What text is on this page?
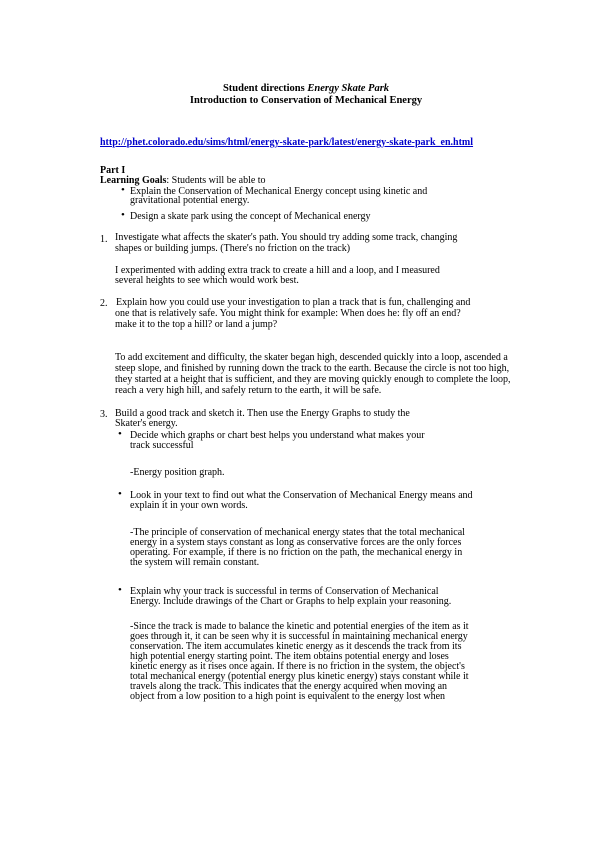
Student directions Energy Skate Park
Introduction to Conservation of Mechanical Energy
http://phet.colorado.edu/sims/html/energy-skate-park/latest/energy-skate-park_en.html
Part I
Learning Goals: Students will be able to
• Explain the Conservation of Mechanical Energy concept using kinetic and
gravitational potential energy.
• Design a skate park using the concept of Mechanical energy
1. Investigate what affects the skater's path. You should try adding some track, changing
shapes or building jumps. (There's no friction on the track)
I experimented with adding extra track to create a hill and a loop, and I measured
several heights to see which would work best.
2. Explain how you could use your investigation to plan a track that is fun, challenging and
one that is relatively safe. You might think for example: When does he: fly off an end?
make it to the top a hill? or land a jump?
To add excitement and difficulty, the skater began high, descended quickly into a loop, ascended a
steep slope, and finished by running down the track to the earth. Because the circle is not too high,
they started at a height that is sufficient, and they are moving quickly enough to complete the loop,
reach a very high hill, and safely return to the earth, it will be safe.
3. Build a good track and sketch it. Then use the Energy Graphs to study the
Skater's energy.
• Decide which graphs or chart best helps you understand what makes your
track successful
-Energy position graph.
• Look in your text to find out what the Conservation of Mechanical Energy means and
explain it in your own words.
-The principle of conservation of mechanical energy states that the total mechanical
energy in a system stays constant as long as conservative forces are the only forces
operating. For example, if there is no friction on the path, the mechanical energy in
the system will remain constant.
• Explain why your track is successful in terms of Conservation of Mechanical
Energy. Include drawings of the Chart or Graphs to help explain your reasoning.
-Since the track is made to balance the kinetic and potential energies of the item as it
goes through it, it can be seen why it is successful in maintaining mechanical energy
conservation. The item accumulates kinetic energy as it descends the track from its
high potential energy starting point. The item obtains potential energy and loses
kinetic energy as it rises once again. If there is no friction in the system, the object's
total mechanical energy (potential energy plus kinetic energy) stays constant while it
travels along the track. This indicates that the energy acquired when moving an
object from a low position to a high point is equivalent to the energy lost when
